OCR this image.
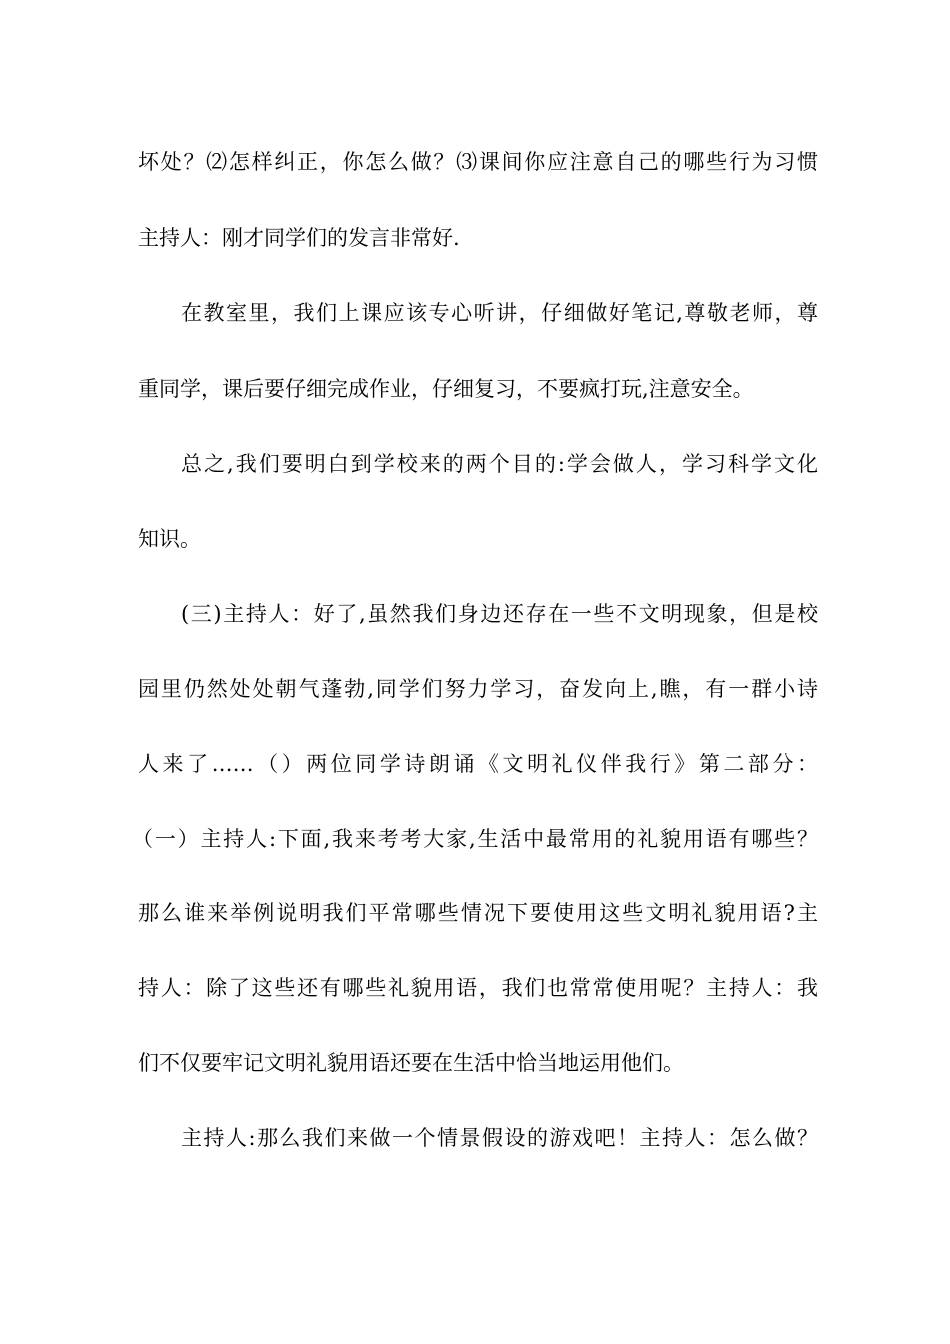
坏处？⑵怎样纠正，你怎么做？⑶课间你应注意自己的哪些行为习惯
主持人：刚才同学们的发言非常好.
在教室里，我们上课应该专心听讲，仔细做好笔记,尊敬老师，尊
重同学，课后要仔细完成作业，仔细复习，不要疯打玩,注意安全。
总之,我们要明白到学校来的两个目的:学会做人，学习科学文化
知识。
(三)主持人：好了,虽然我们身边还存在一些不文明现象，但是校
园里仍然处处朝气蓬勃,同学们努力学习，奋发向上,瞧，有一群小诗
人来了……（）两位同学诗朗诵《文明礼仪伴我行》第二部分：
（一）主持人:下面,我来考考大家,生活中最常用的礼貌用语有哪些？
那么谁来举例说明我们平常哪些情况下要使用这些文明礼貌用语?主
持人：除了这些还有哪些礼貌用语，我们也常常使用呢？主持人：我
们不仅要牢记文明礼貌用语还要在生活中恰当地运用他们。
主持人:那么我们来做一个情景假设的游戏吧！主持人：怎么做？
